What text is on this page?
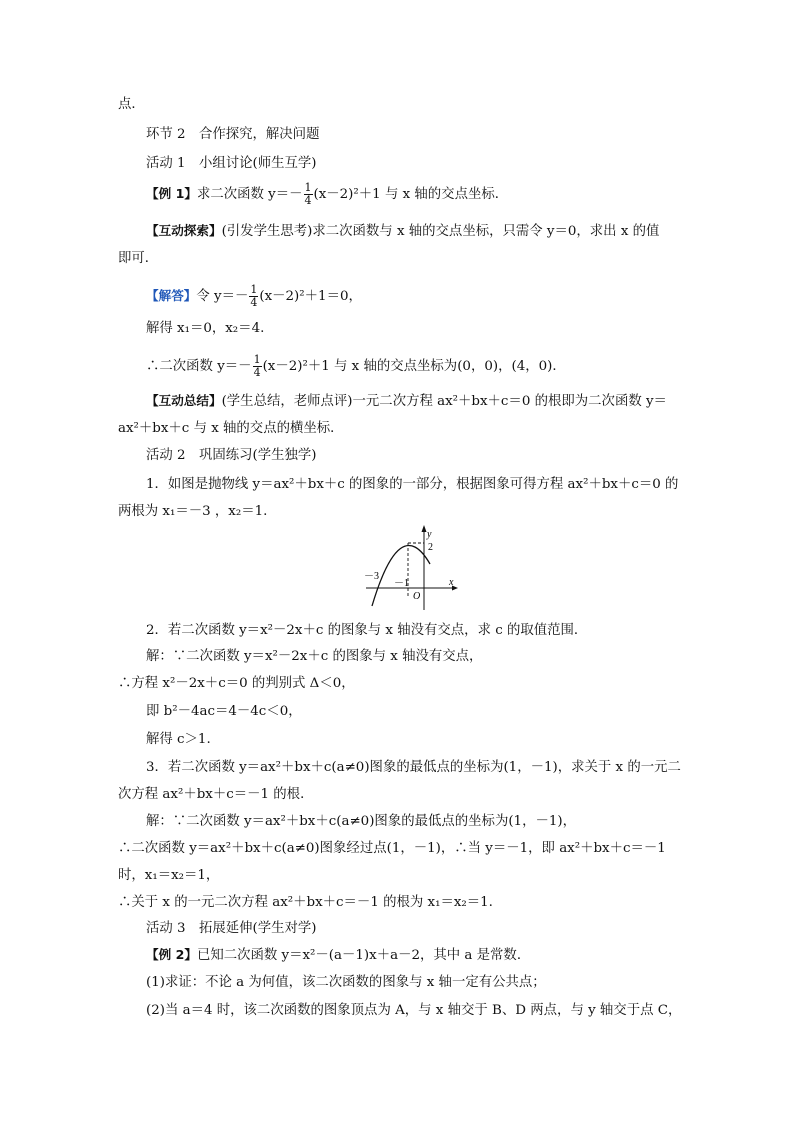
点．
环节 2　合作探究，解决问题
活动 1　小组讨论(师生互学)
【例 1】求二次函数 $y=- \frac{1}{4} (x-2)^2+1$ 与 x 轴的交点坐标．
【互动探索】(引发学生思考)求二次函数与 x 轴的交点坐标，只需令 y＝0，求出 x 的值
即可．
【解答】令 $y=- \frac{1}{4} (x-2)^2+1=0$，
解得 x₁＝0，x₂＝4.
∴二次函数 $y=- \frac{1}{4} (x-2)^2+1$ 与 x 轴的交点坐标为(0，0)，(4，0)．
【互动总结】(学生总结，老师点评)一元二次方程 ax²＋bx＋c＝0 的根即为二次函数 y＝
ax²＋bx＋c 与 x 轴的交点的横坐标．
活动 2　巩固练习(学生独学)
1．如图是抛物线 y＝ax²＋bx＋c 的图象的一部分，根据图象可得方程 ax²＋bx＋c＝0 的
两根为 x₁＝－3 ，x₂＝1.
y
x
O
2
－3
－1
2．若二次函数 y＝x²－2x＋c 的图象与 x 轴没有交点，求 c 的取值范围．
解：∵二次函数 y＝x²－2x＋c 的图象与 x 轴没有交点，
∴方程 x²－2x＋c＝0 的判别式 Δ＜0，
即 b²－4ac＝4－4c＜0，
解得 c＞1.
3．若二次函数 y＝ax²＋bx＋c(a≠0)图象的最低点的坐标为(1，－1)，求关于 x 的一元二
次方程 ax²＋bx＋c＝－1 的根．
解：∵二次函数 y＝ax²＋bx＋c(a≠0)图象的最低点的坐标为(1，－1)，
∴二次函数 y＝ax²＋bx＋c(a≠0)图象经过点(1，－1)，∴当 y＝－1，即 ax²＋bx＋c＝－1
时，x₁＝x₂＝1，
∴关于 x 的一元二次方程 ax²＋bx＋c＝－1 的根为 x₁＝x₂＝1.
活动 3　拓展延伸(学生对学)
【例 2】已知二次函数 y＝x²－(a－1)x＋a－2，其中 a 是常数．
(1)求证：不论 a 为何值，该二次函数的图象与 x 轴一定有公共点；
(2)当 a＝4 时，该二次函数的图象顶点为 A，与 x 轴交于 B、D 两点，与 y 轴交于点 C，
